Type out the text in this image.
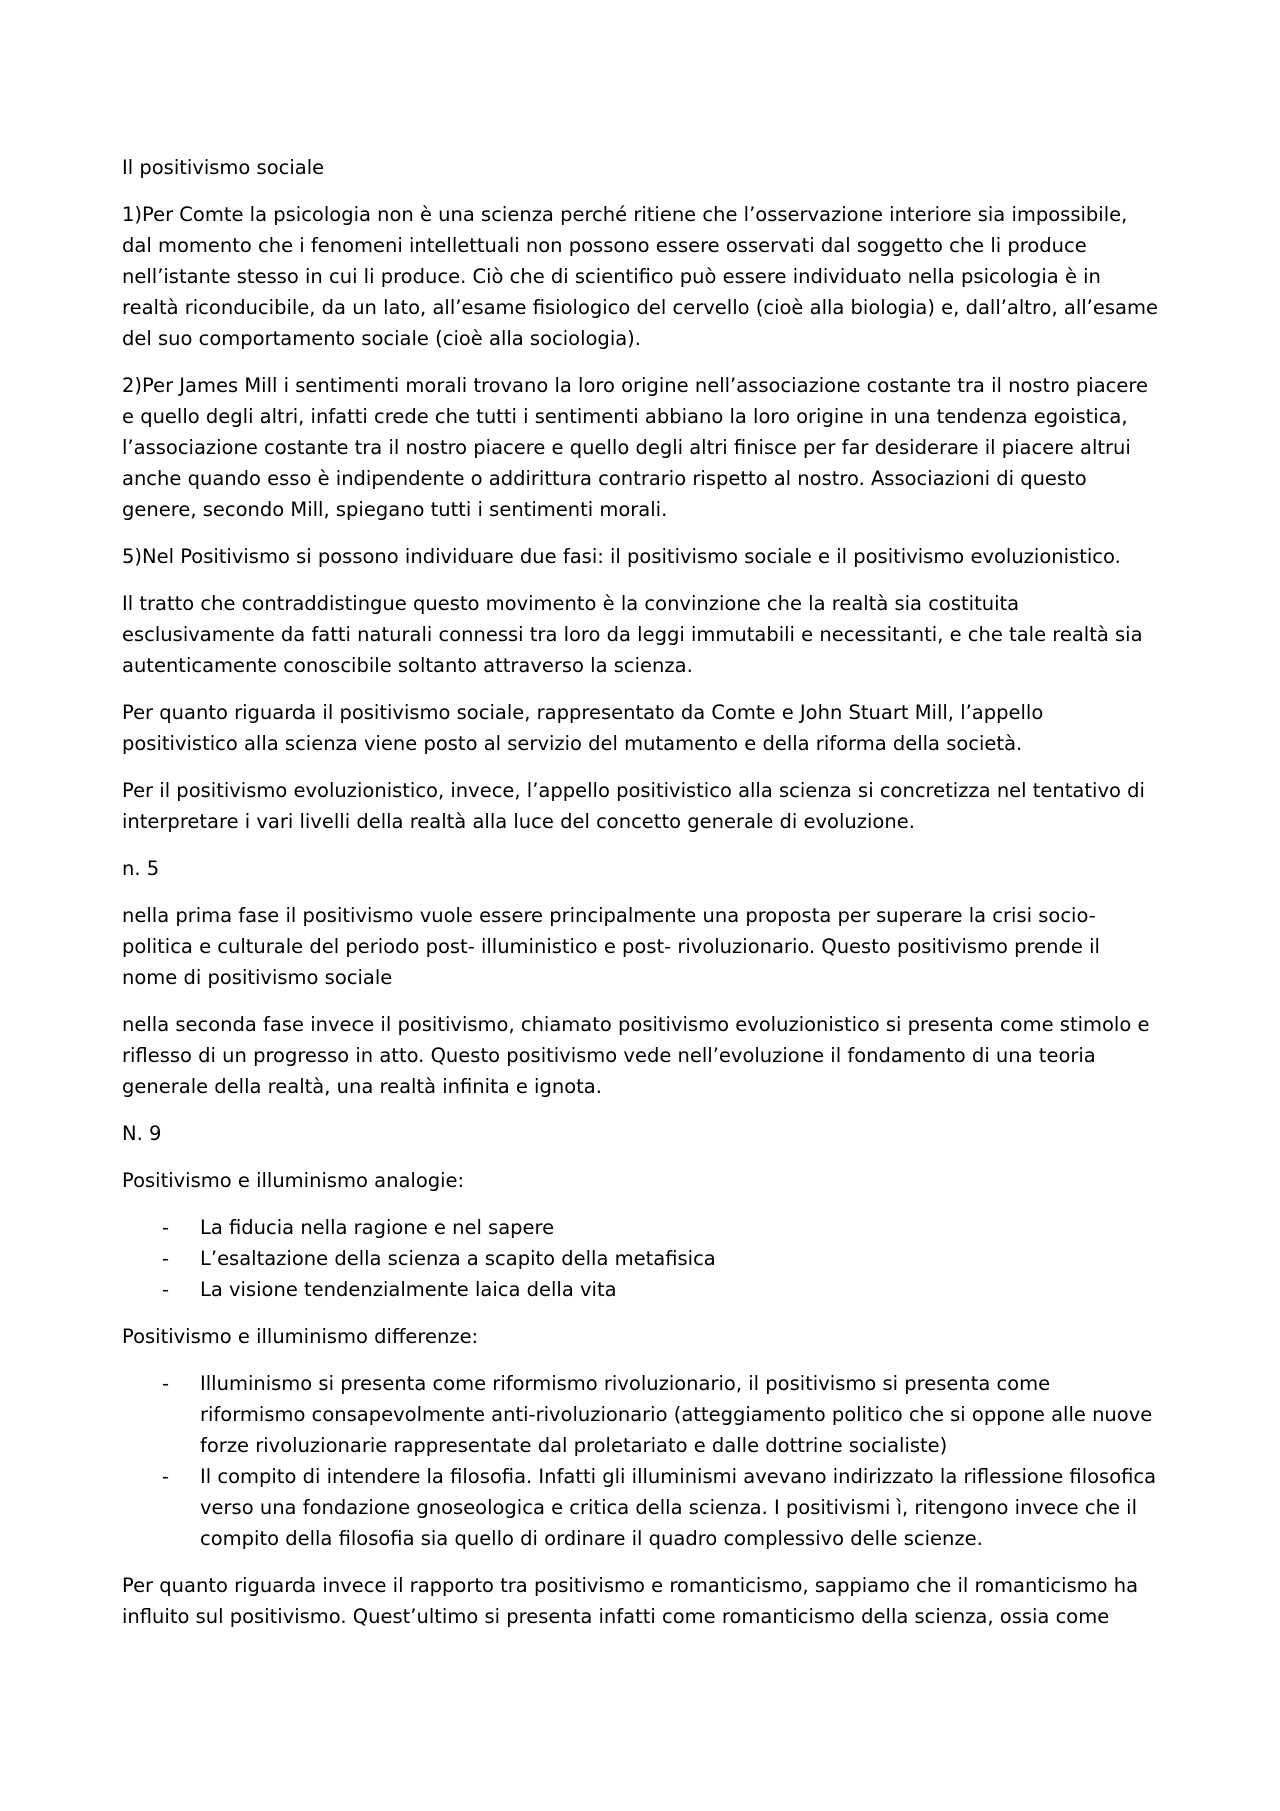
Il positivismo sociale

1)Per Comte la psicologia non è una scienza perché ritiene che l’osservazione interiore sia impossibile, dal momento che i fenomeni intellettuali non possono essere osservati dal soggetto che li produce nell’istante stesso in cui li produce. Ciò che di scientifico può essere individuato nella psicologia è in realtà riconducibile, da un lato, all’esame fisiologico del cervello (cioè alla biologia) e, dall’altro, all’esame del suo comportamento sociale (cioè alla sociologia).

2)Per James Mill i sentimenti morali trovano la loro origine nell’associazione costante tra il nostro piacere e quello degli altri, infatti crede che tutti i sentimenti abbiano la loro origine in una tendenza egoistica, l’associazione costante tra il nostro piacere e quello degli altri finisce per far desiderare il piacere altrui anche quando esso è indipendente o addirittura contrario rispetto al nostro. Associazioni di questo genere, secondo Mill, spiegano tutti i sentimenti morali.

5)Nel Positivismo si possono individuare due fasi: il positivismo sociale e il positivismo evoluzionistico.

Il tratto che contraddistingue questo movimento è la convinzione che la realtà sia costituita esclusivamente da fatti naturali connessi tra loro da leggi immutabili e necessitanti, e che tale realtà sia autenticamente conoscibile soltanto attraverso la scienza.

Per quanto riguarda il positivismo sociale, rappresentato da Comte e John Stuart Mill, l’appello positivistico alla scienza viene posto al servizio del mutamento e della riforma della società.

Per il positivismo evoluzionistico, invece, l’appello positivistico alla scienza si concretizza nel tentativo di interpretare i vari livelli della realtà alla luce del concetto generale di evoluzione.

n. 5

nella prima fase il positivismo vuole essere principalmente una proposta per superare la crisi socio-politica e culturale del periodo post- illuministico e post- rivoluzionario. Questo positivismo prende il nome di positivismo sociale

nella seconda fase invece il positivismo, chiamato positivismo evoluzionistico si presenta come stimolo e riflesso di un progresso in atto. Questo positivismo vede nell’evoluzione il fondamento di una teoria generale della realtà, una realtà infinita e ignota.

N. 9

Positivismo e illuminismo analogie:

- La fiducia nella ragione e nel sapere
- L’esaltazione della scienza a scapito della metafisica
- La visione tendenzialmente laica della vita

Positivismo e illuminismo differenze:

- Illuminismo si presenta come riformismo rivoluzionario, il positivismo si presenta come riformismo consapevolmente anti-rivoluzionario (atteggiamento politico che si oppone alle nuove forze rivoluzionarie rappresentate dal proletariato e dalle dottrine socialiste)
- Il compito di intendere la filosofia. Infatti gli illuminismi avevano indirizzato la riflessione filosofica verso una fondazione gnoseologica e critica della scienza. I positivismi ì, ritengono invece che il compito della filosofia sia quello di ordinare il quadro complessivo delle scienze.

Per quanto riguarda invece il rapporto tra positivismo e romanticismo, sappiamo che il romanticismo ha influito sul positivismo. Quest’ultimo si presenta infatti come romanticismo della scienza, ossia come
